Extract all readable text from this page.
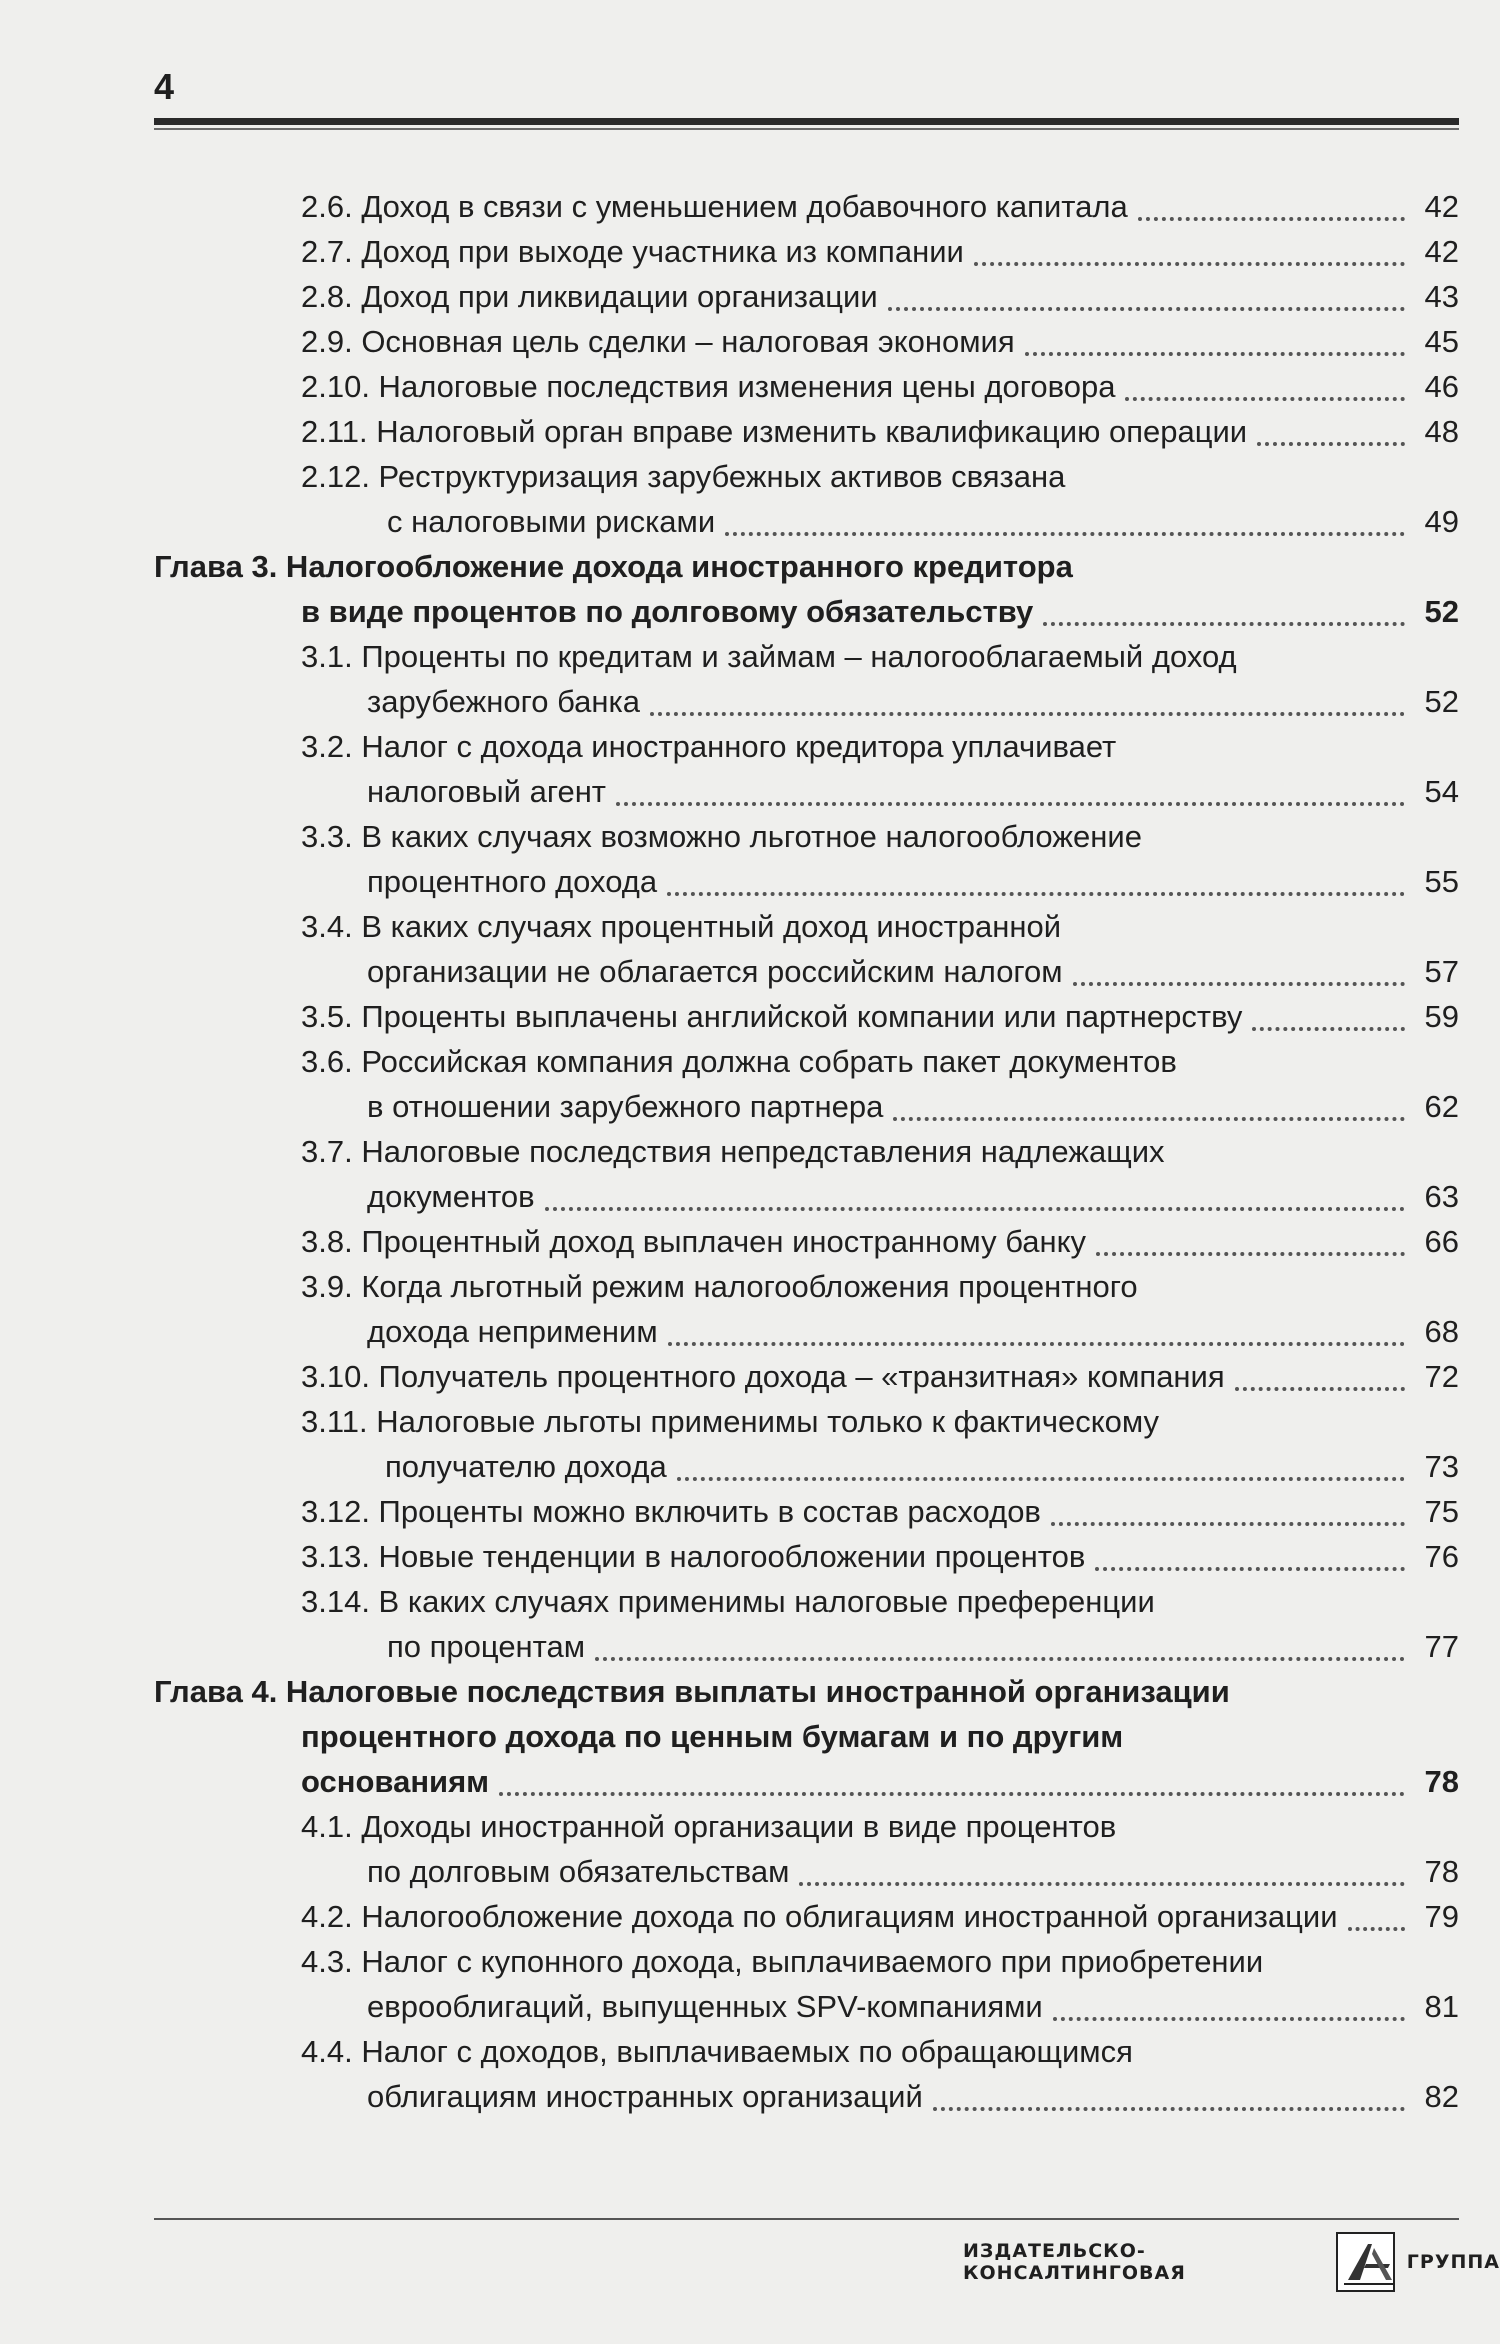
4
2.6. Доход в связи с уменьшением добавочного капитала	42
2.7. Доход при выходе участника из компании	42
2.8. Доход при ликвидации организации	43
2.9. Основная цель сделки – налоговая экономия	45
2.10. Налоговые последствия изменения цены договора	46
2.11. Налоговый орган вправе изменить квалификацию операции	48
2.12. Реструктуризация зарубежных активов связана
с налоговыми рисками	49
Глава 3. Налогообложение дохода иностранного кредитора
в виде процентов по долговому обязательству	52
3.1. Проценты по кредитам и займам – налогооблагаемый доход
зарубежного банка	52
3.2. Налог с дохода иностранного кредитора уплачивает
налоговый агент	54
3.3. В каких случаях возможно льготное налогообложение
процентного дохода	55
3.4. В каких случаях процентный доход иностранной
организации не облагается российским налогом	57
3.5. Проценты выплачены английской компании или партнерству	59
3.6. Российская компания должна собрать пакет документов
в отношении зарубежного партнера	62
3.7. Налоговые последствия непредставления надлежащих
документов	63
3.8. Процентный доход выплачен иностранному банку	66
3.9. Когда льготный режим налогообложения процентного
дохода неприменим	68
3.10. Получатель процентного дохода – «транзитная» компания	72
3.11. Налоговые льготы применимы только к фактическому
получателю дохода	73
3.12. Проценты можно включить в состав расходов	75
3.13. Новые тенденции в налогообложении процентов	76
3.14. В каких случаях применимы налоговые преференции
по процентам	77
Глава 4. Налоговые последствия выплаты иностранной организации
процентного дохода по ценным бумагам и по другим
основаниям	78
4.1. Доходы иностранной организации в виде процентов
по долговым обязательствам	78
4.2. Налогообложение дохода по облигациям иностранной организации	79
4.3. Налог с купонного дохода, выплачиваемого при приобретении
еврооблигаций, выпущенных SPV-компаниями	81
4.4. Налог с доходов, выплачиваемых по обращающимся
облигациям иностранных организаций	82
ИЗДАТЕЛЬСКО-КОНСАЛТИНГОВАЯ	ГРУППА
